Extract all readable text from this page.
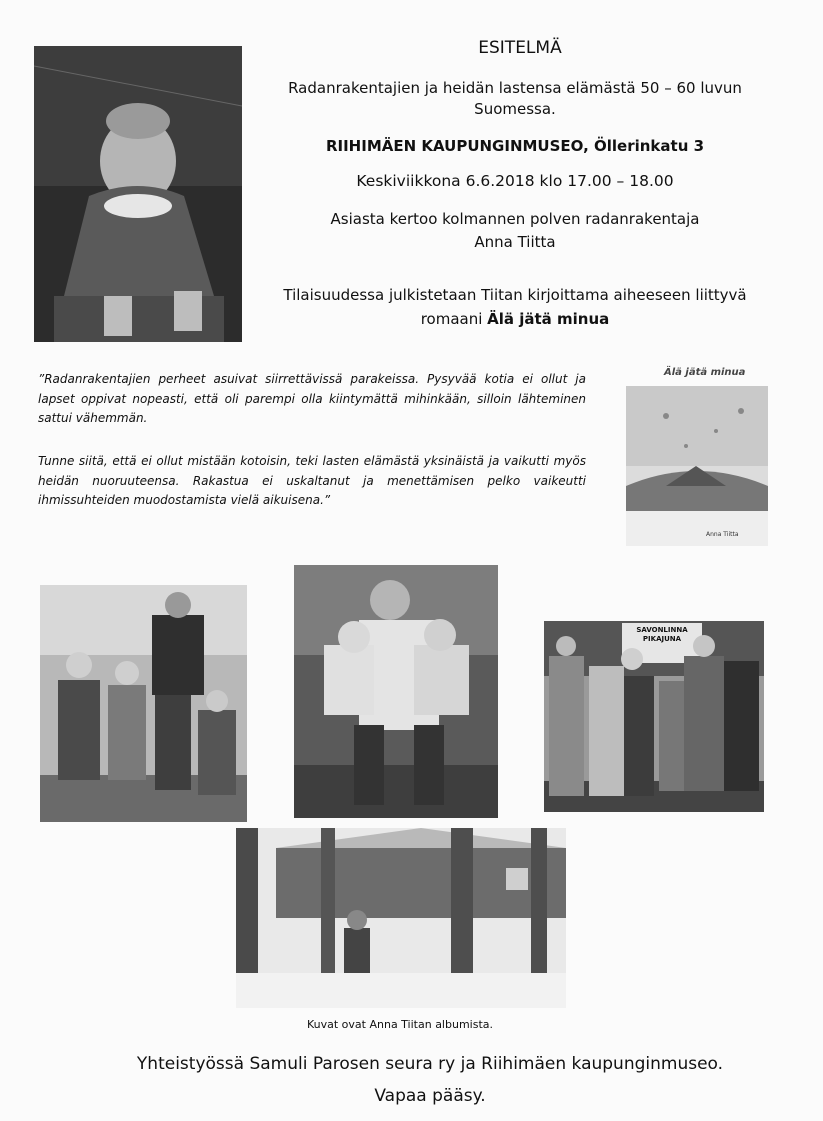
ESITELMÄ
Radanrakentajien ja heidän lastensa elämästä 50 – 60 luvun
Suomessa.
RIIHIMÄEN KAUPUNGINMUSEO, Öllerinkatu 3
Keskiviikkona 6.6.2018 klo 17.00 – 18.00
Asiasta kertoo kolmannen polven radanrakentaja
Anna Tiitta
Tilaisuudessa julkistetaan Tiitan kirjoittama aiheeseen liittyvä
romaani Älä jätä minua
”Radanrakentajien perheet asuivat siirrettävissä parakeissa. Pysyvää kotia ei ollut ja lapset oppivat nopeasti, että oli parempi olla kiintymättä mihinkään, silloin lähteminen sattui vähemmän.
Tunne siitä, että ei ollut mistään kotoisin, teki lasten elämästä yksinäistä ja vaikutti myös heidän nuoruuteensa. Rakastua ei uskaltanut ja menettämisen pelko vaikeutti ihmissuhteiden muodostamista vielä aikuisena.”
Älä jätä minua
Anna Tiitta
SAVONLINNA PIKAJUNA
Kuvat ovat Anna Tiitan albumista.
Yhteistyössä Samuli Parosen seura ry ja Riihimäen kaupunginmuseo.
Vapaa pääsy.
